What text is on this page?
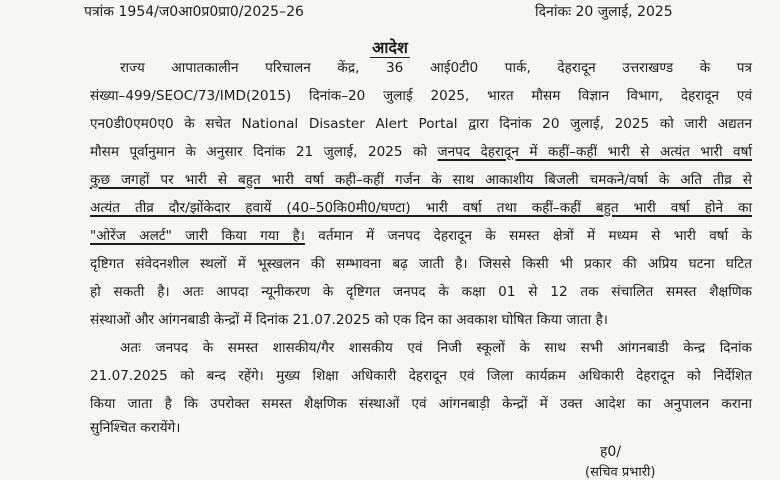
पत्रांक 1954/ज0आ0प्र0प्रा0/2025–26	दिनांकः 20 जुलाई, 2025
आदेश
राज्य आपातकालीन परिचालन केंद्र, 36 आई0टी0 पार्क, देहरादून उत्तराखण्ड के पत्र
संख्या–499/SEOC/73/IMD(2015) दिनांक–20 जुलाई 2025, भारत मौसम विज्ञान विभाग, देहरादून एवं
एन0डी0एम0ए0 के सचेत National Disaster Alert Portal द्वारा दिनांक 20 जुलाई, 2025 को जारी अद्यतन
मौसम पूर्वानुमान के अनुसार दिनांक 21 जुलाई, 2025 को जनपद देहरादून में कहीं–कहीं भारी से अत्यंत भारी वर्षा
कुछ जगहों पर भारी से बहुत भारी वर्षा कही–कहीं गर्जन के साथ आकाशीय बिजली चमकने/वर्षा के अति तीव्र से
अत्यंत तीव्र दौर/झोंकेदार हवायें (40–50कि0मी0/घण्टा) भारी वर्षा तथा कहीं–कहीं बहुत भारी वर्षा होने का
"ओरेंज अलर्ट" जारी किया गया है। वर्तमान में जनपद देहरादून के समस्त क्षेत्रों में मध्यम से भारी वर्षा के
दृष्टिगत संवेदनशील स्थलों में भूस्खलन की सम्भावना बढ़ जाती है। जिससे किसी भी प्रकार की अप्रिय घटना घटित
हो सकती है। अतः आपदा न्यूनीकरण के दृष्टिगत जनपद के कक्षा 01 से 12 तक संचालित समस्त शैक्षणिक
संस्थाओं और आंगनबाडी केन्द्रों में दिनांक 21.07.2025 को एक दिन का अवकाश घोषित किया जाता है।
अतः जनपद के समस्त शासकीय/गैर शासकीय एवं निजी स्कूलों के साथ सभी आंगनबाडी केन्द्र दिनांक
21.07.2025 को बन्द रहेंगे। मुख्य शिक्षा अधिकारी देहरादून एवं जिला कार्यक्रम अधिकारी देहरादून को निर्देशित
किया जाता है कि उपरोक्त समस्त शैक्षणिक संस्थाओं एवं आंगनबाड़ी केन्द्रों में उक्त आदेश का अनुपालन कराना
सुनिश्चित करायेंगे।
ह0/
(सचिव प्रभारी)
